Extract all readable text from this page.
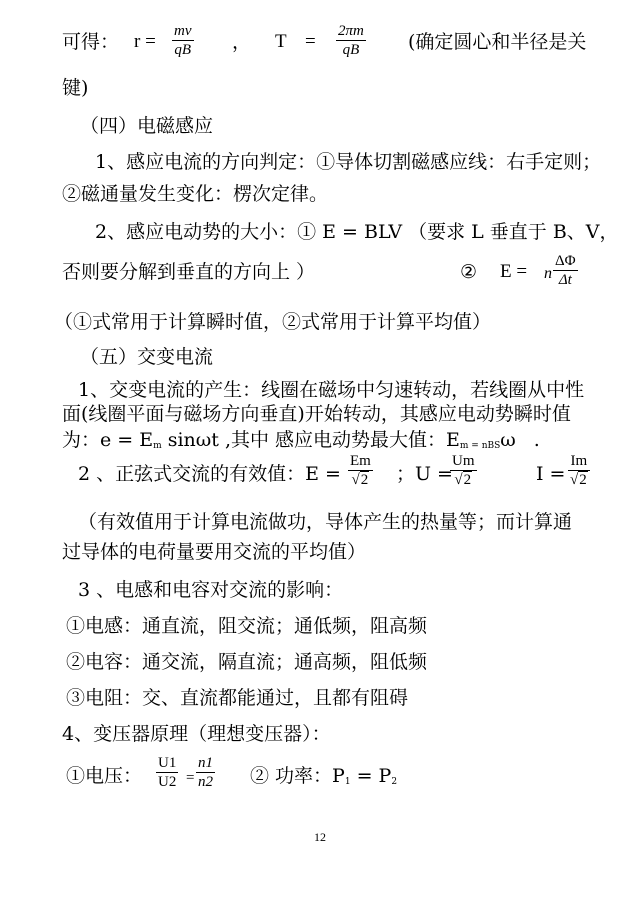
可得： $r = \frac{mv}{qB}$ ， $T = \frac{2\pi m}{qB}$ (确定圆心和半径是关
键)
（四）电磁感应
1、感应电流的方向判定：①导体切割磁感应线：右手定则；
②磁通量发生变化：楞次定律。
2、感应电动势的大小：① E = BLV （要求 L 垂直于 B、V，
否则要分解到垂直的方向上 ）	② E = n $\frac{\Delta\Phi}{\Delta t}$
（①式常用于计算瞬时值，②式常用于计算平均值）
（五）交变电流
1、交变电流的产生：线圈在磁场中匀速转动，若线圈从中性
面(线圈平面与磁场方向垂直)开始转动，其感应电动势瞬时值
为：e = Em sinωt ,其中 感应电动势最大值：Em = nBSω .
2 、正弦式交流的有效值：$E = \frac{Em}{√2}$ ；U =
$\frac{Um}{√2}$	$I = \frac{Im}{√2}$
（有效值用于计算电流做功，导体产生的热量等；而计算通
过导体的电荷量要用交流的平均值）
3 、电感和电容对交流的影响：
①电感：通直流，阻交流；通低频，阻高频
②电容：通交流，隔直流；通高频，阻低频
③电阻：交、直流都能通过，且都有阻碍
4、变压器原理（理想变压器）：
①电压： $\frac{U1}{U2} = \frac{n1}{n2}$ ② 功率：P1 = P2
12
